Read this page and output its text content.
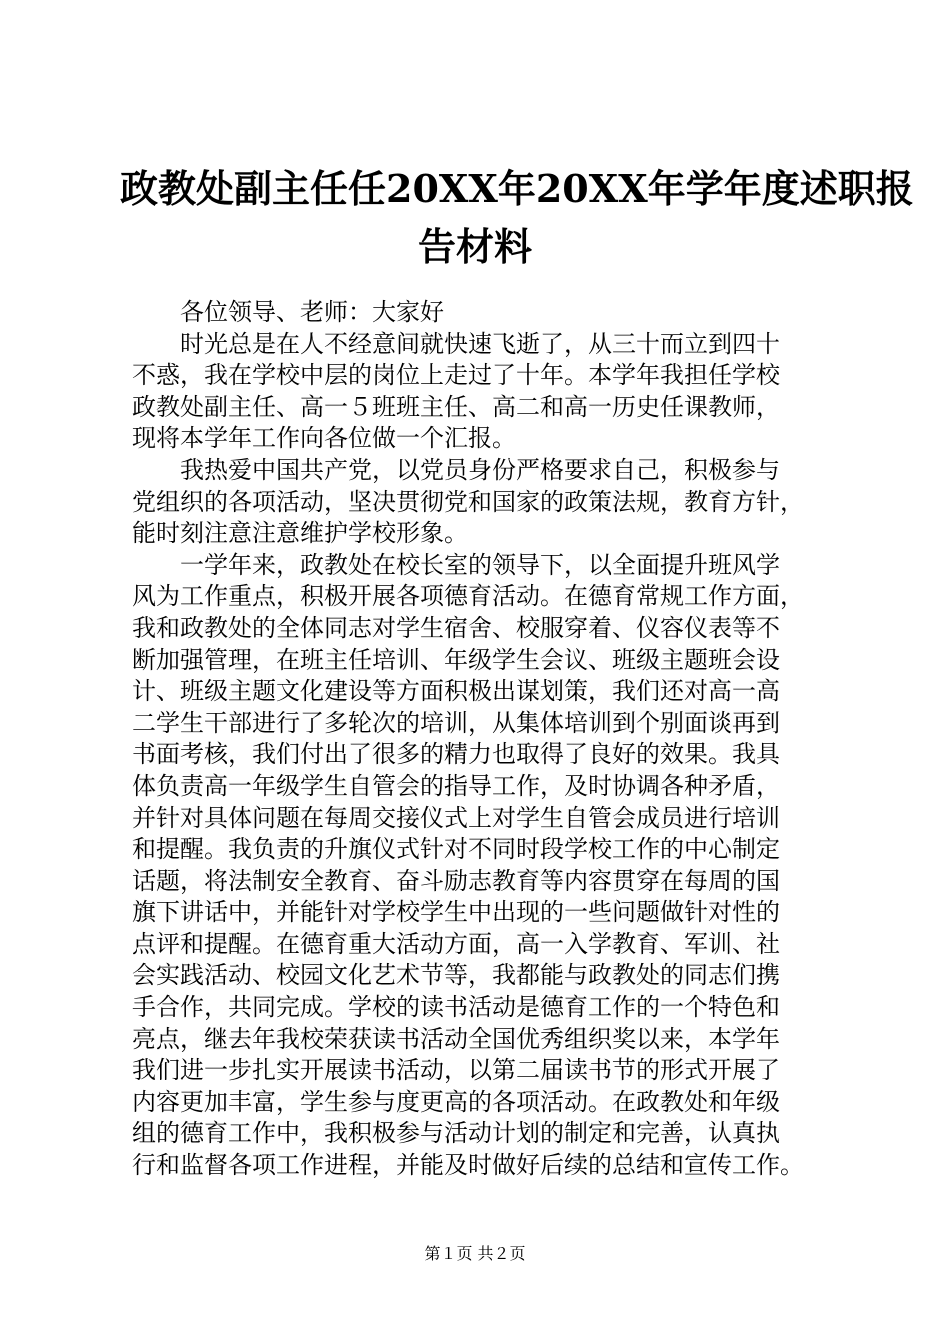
政教处副主任任20XX年20XX年学年度述职报
告材料
各位领导、老师：大家好
时光总是在人不经意间就快速飞逝了，从三十而立到四十
不惑，我在学校中层的岗位上走过了十年。本学年我担任学校
政教处副主任、高一５班班主任、高二和高一历史任课教师，
现将本学年工作向各位做一个汇报。
我热爱中国共产党，以党员身份严格要求自己，积极参与
党组织的各项活动，坚决贯彻党和国家的政策法规，教育方针，
能时刻注意注意维护学校形象。
一学年来，政教处在校长室的领导下，以全面提升班风学
风为工作重点，积极开展各项德育活动。在德育常规工作方面，
我和政教处的全体同志对学生宿舍、校服穿着、仪容仪表等不
断加强管理，在班主任培训、年级学生会议、班级主题班会设
计、班级主题文化建设等方面积极出谋划策，我们还对高一高
二学生干部进行了多轮次的培训，从集体培训到个别面谈再到
书面考核，我们付出了很多的精力也取得了良好的效果。我具
体负责高一年级学生自管会的指导工作，及时协调各种矛盾，
并针对具体问题在每周交接仪式上对学生自管会成员进行培训
和提醒。我负责的升旗仪式针对不同时段学校工作的中心制定
话题，将法制安全教育、奋斗励志教育等内容贯穿在每周的国
旗下讲话中，并能针对学校学生中出现的一些问题做针对性的
点评和提醒。在德育重大活动方面，高一入学教育、军训、社
会实践活动、校园文化艺术节等，我都能与政教处的同志们携
手合作，共同完成。学校的读书活动是德育工作的一个特色和
亮点，继去年我校荣获读书活动全国优秀组织奖以来，本学年
我们进一步扎实开展读书活动，以第二届读书节的形式开展了
内容更加丰富，学生参与度更高的各项活动。在政教处和年级
组的德育工作中，我积极参与活动计划的制定和完善，认真执
行和监督各项工作进程，并能及时做好后续的总结和宣传工作。
第１页 共２页
